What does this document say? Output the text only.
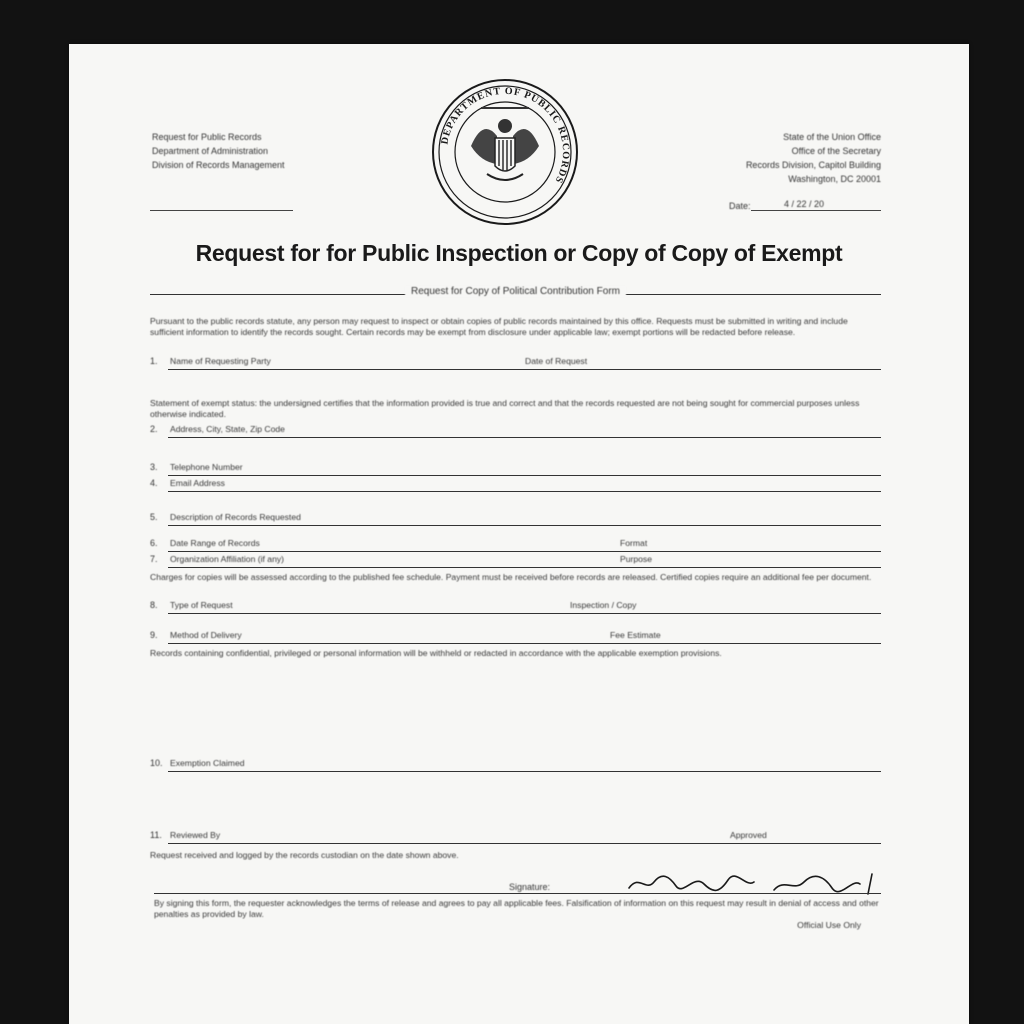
Request for Public Records
Department of Administration
Division of Records Management
DEPARTMENT OF PUBLIC RECORDS
State of the Union Office
Office of the Secretary
Records Division, Capitol Building
Washington, DC 20001
Date:	4 / 22 / 20
Request for for Public Inspection or Copy of Copy of Exempt
Request for Copy of Political Contribution Form
Pursuant to the public records statute, any person may request to inspect or obtain copies of public records maintained by this office. Requests must be submitted in writing and include sufficient information to identify the records sought. Certain records may be exempt from disclosure under applicable law; exempt portions will be redacted before release.
1. Name of Requesting Party	Date of Request
Statement of exempt status: the undersigned certifies that the information provided is true and correct and that the records requested are not being sought for commercial purposes unless otherwise indicated.
2. Address, City, State, Zip Code
3. Telephone Number
4. Email Address
5. Description of Records Requested
6. Date Range of Records	Format
7. Organization Affiliation (if any)	Purpose
Charges for copies will be assessed according to the published fee schedule. Payment must be received before records are released. Certified copies require an additional fee per document.
8. Type of Request	Inspection / Copy
9. Method of Delivery	Fee Estimate
Records containing confidential, privileged or personal information will be withheld or redacted in accordance with the applicable exemption provisions.
10. Exemption Claimed
11. Reviewed By	Approved
Request received and logged by the records custodian on the date shown above.
Signature:
By signing this form, the requester acknowledges the terms of release and agrees to pay all applicable fees. Falsification of information on this request may result in denial of access and other penalties as provided by law.
Official Use Only
